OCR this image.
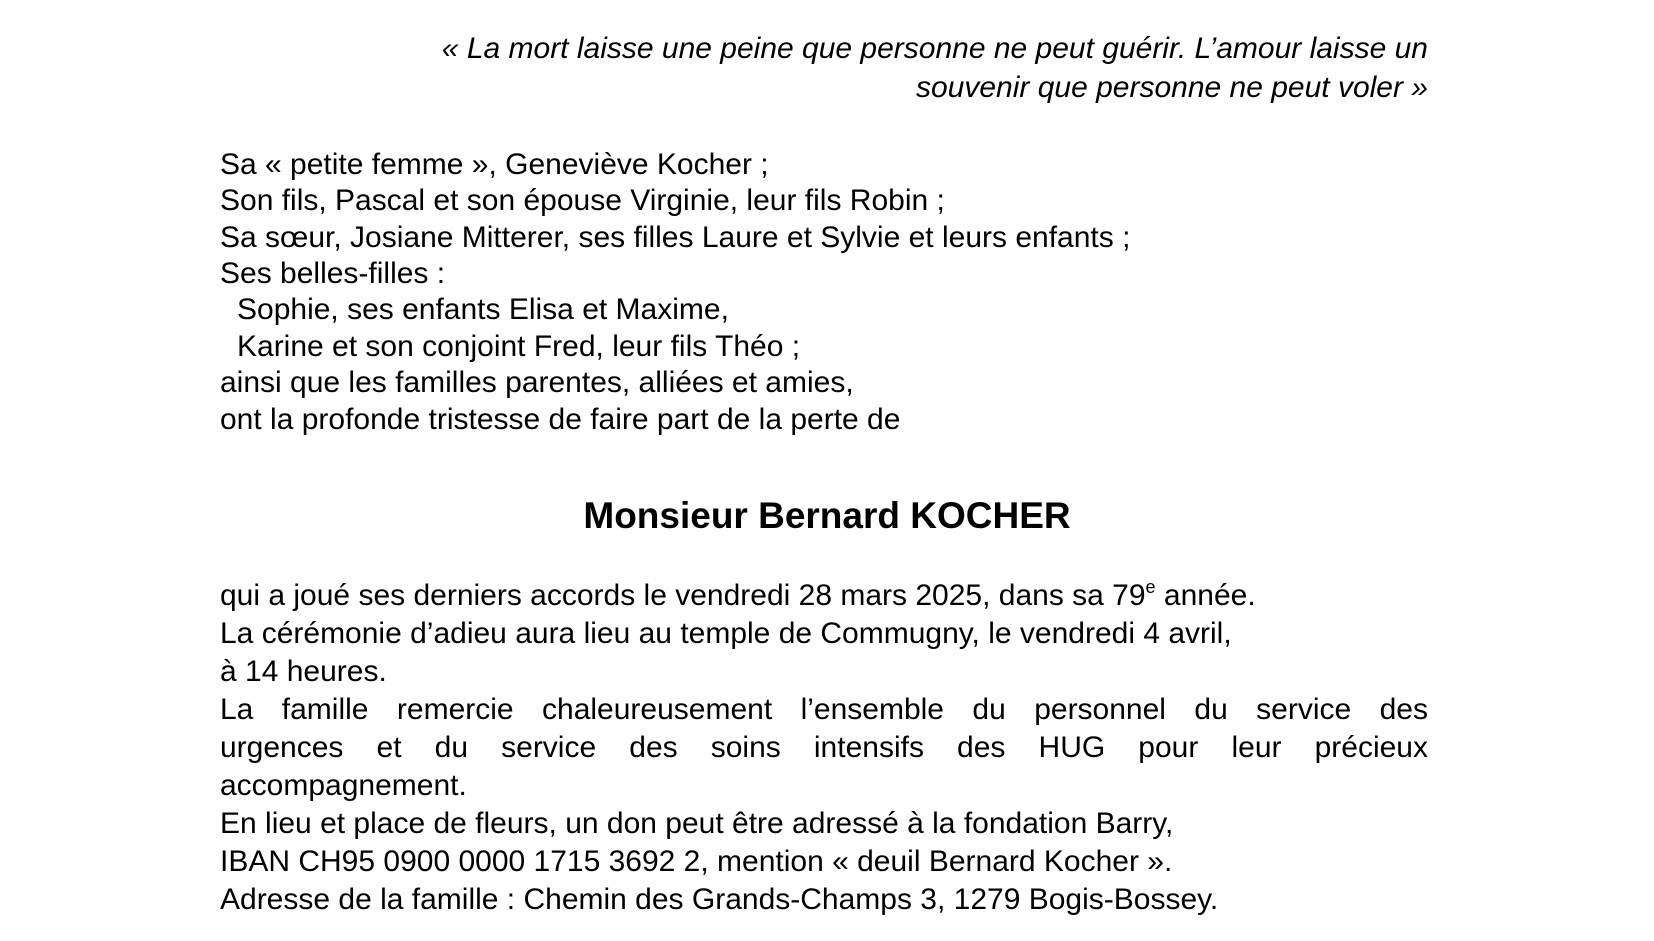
« La mort laisse une peine que personne ne peut guérir. L’amour laisse un
souvenir que personne ne peut voler »
Sa « petite femme », Geneviève Kocher ;
Son fils, Pascal et son épouse Virginie, leur fils Robin ;
Sa sœur, Josiane Mitterer, ses filles Laure et Sylvie et leurs enfants ;
Ses belles-filles :
Sophie, ses enfants Elisa et Maxime,
Karine et son conjoint Fred, leur fils Théo ;
ainsi que les familles parentes, alliées et amies,
ont la profonde tristesse de faire part de la perte de
Monsieur Bernard KOCHER
qui a joué ses derniers accords le vendredi 28 mars 2025, dans sa 79e année.
La cérémonie d’adieu aura lieu au temple de Commugny, le vendredi 4 avril,
à 14 heures.
La famille remercie chaleureusement l’ensemble du personnel du service des
urgences et du service des soins intensifs des HUG pour leur précieux
accompagnement.
En lieu et place de fleurs, un don peut être adressé à la fondation Barry,
IBAN CH95 0900 0000 1715 3692 2, mention « deuil Bernard Kocher ».
Adresse de la famille : Chemin des Grands-Champs 3, 1279 Bogis-Bossey.
